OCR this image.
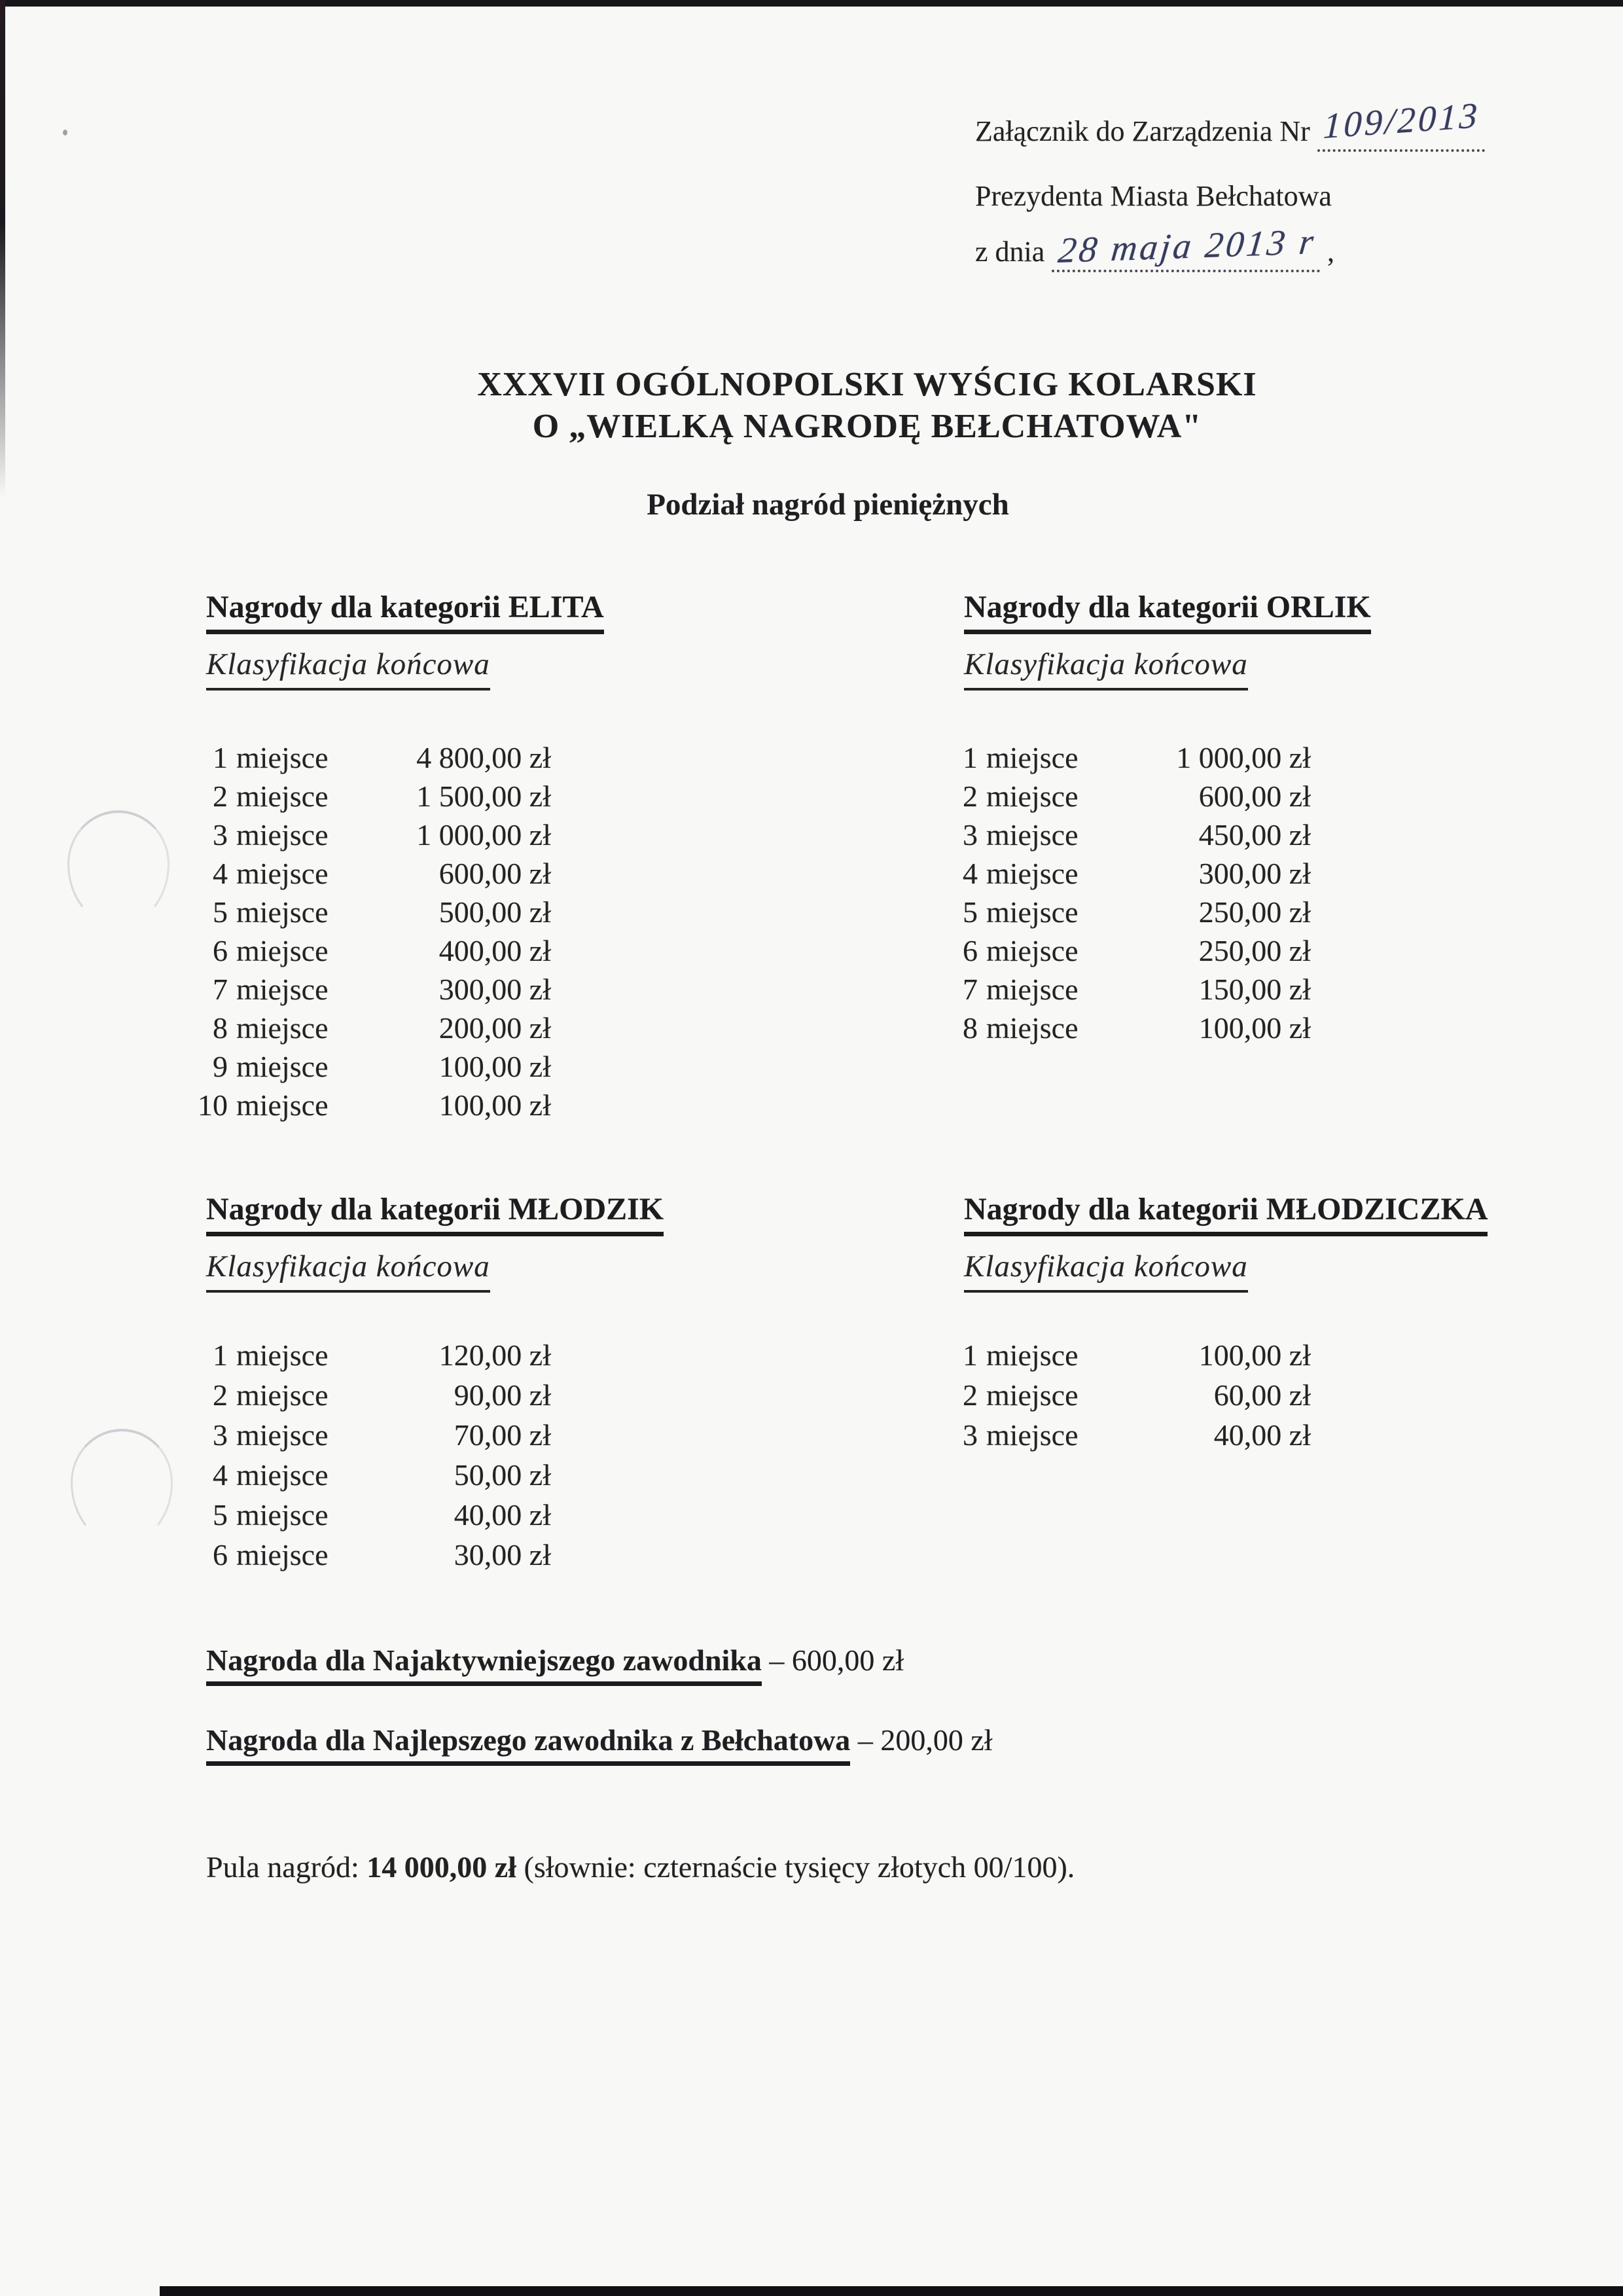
Załącznik do Zarządzenia Nr 109/2013
Prezydenta Miasta Bełchatowa
z dnia 28 maja 2013 r ,
XXXVII OGÓLNOPOLSKI WYŚCIG KOLARSKI
O „WIELKĄ NAGRODĘ BEŁCHATOWA"
Podział nagród pieniężnych
Nagrody dla kategorii ELITA
Klasyfikacja końcowa
Nagrody dla kategorii ORLIK
Klasyfikacja końcowa
1 miejsce	4 800,00 zł
2 miejsce	1 500,00 zł
3 miejsce	1 000,00 zł
4 miejsce	600,00 zł
5 miejsce	500,00 zł
6 miejsce	400,00 zł
7 miejsce	300,00 zł
8 miejsce	200,00 zł
9 miejsce	100,00 zł
10 miejsce	100,00 zł
1 miejsce	1 000,00 zł
2 miejsce	600,00 zł
3 miejsce	450,00 zł
4 miejsce	300,00 zł
5 miejsce	250,00 zł
6 miejsce	250,00 zł
7 miejsce	150,00 zł
8 miejsce	100,00 zł
Nagrody dla kategorii MŁODZIK
Klasyfikacja końcowa
Nagrody dla kategorii MŁODZICZKA
Klasyfikacja końcowa
1 miejsce	120,00 zł
2 miejsce	90,00 zł
3 miejsce	70,00 zł
4 miejsce	50,00 zł
5 miejsce	40,00 zł
6 miejsce	30,00 zł
1 miejsce	100,00 zł
2 miejsce	60,00 zł
3 miejsce	40,00 zł
Nagroda dla Najaktywniejszego zawodnika – 600,00 zł
Nagroda dla Najlepszego zawodnika z Bełchatowa – 200,00 zł
Pula nagród: 14 000,00 zł (słownie: czternaście tysięcy złotych 00/100).
